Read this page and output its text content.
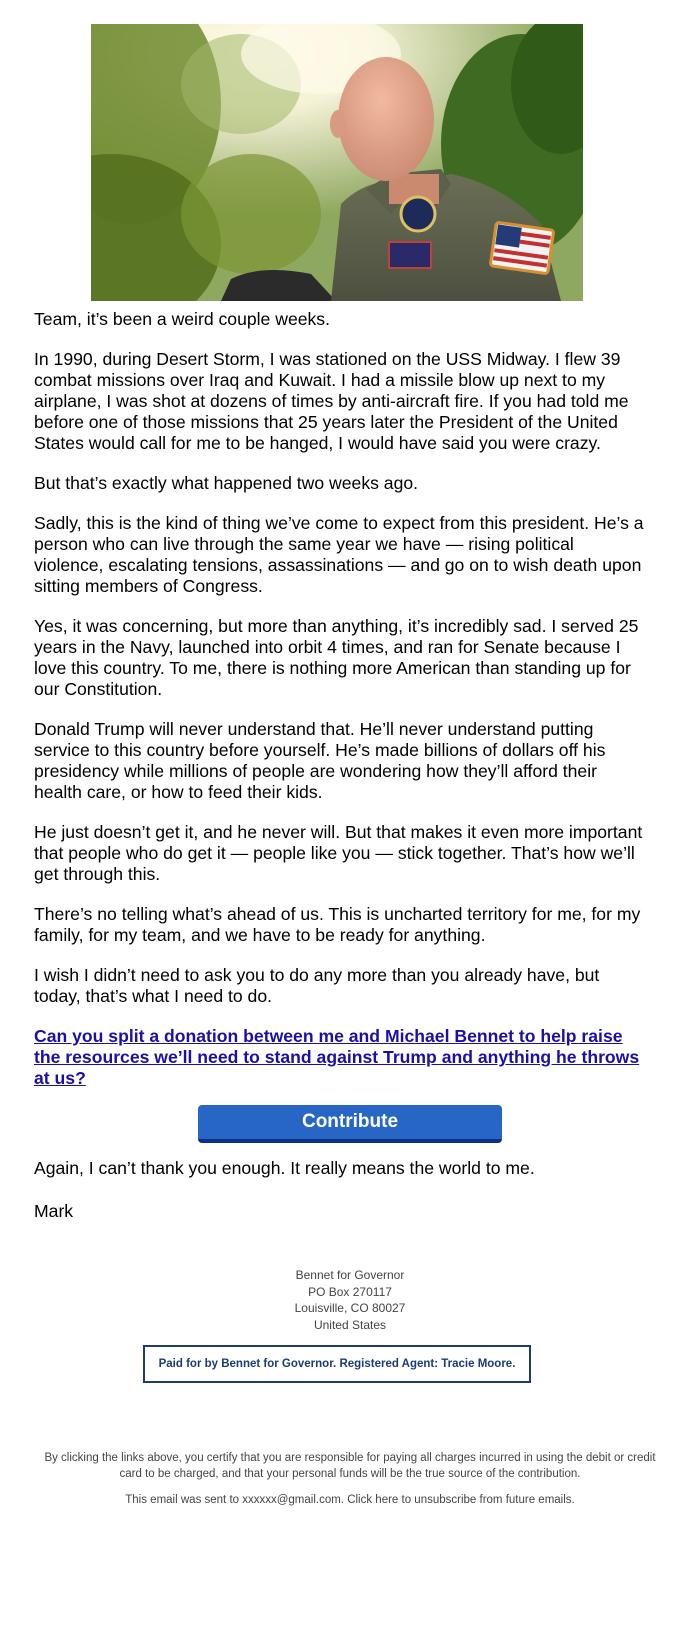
Team, it’s been a weird couple weeks.

In 1990, during Desert Storm, I was stationed on the USS Midway. I flew 39 combat missions over Iraq and Kuwait. I had a missile blow up next to my airplane, I was shot at dozens of times by anti-aircraft fire. If you had told me before one of those missions that 25 years later the President of the United States would call for me to be hanged, I would have said you were crazy.

But that’s exactly what happened two weeks ago.

Sadly, this is the kind of thing we’ve come to expect from this president. He’s a person who can live through the same year we have — rising political violence, escalating tensions, assassinations — and go on to wish death upon sitting members of Congress.

Yes, it was concerning, but more than anything, it’s incredibly sad. I served 25 years in the Navy, launched into orbit 4 times, and ran for Senate because I love this country. To me, there is nothing more American than standing up for our Constitution.

Donald Trump will never understand that. He’ll never understand putting service to this country before yourself. He’s made billions of dollars off his presidency while millions of people are wondering how they’ll afford their health care, or how to feed their kids.

He just doesn’t get it, and he never will. But that makes it even more important that people who do get it — people like you — stick together. That’s how we’ll get through this.

There’s no telling what’s ahead of us. This is uncharted territory for me, for my family, for my team, and we have to be ready for anything.

I wish I didn’t need to ask you to do any more than you already have, but today, that’s what I need to do.

Can you split a donation between me and Michael Bennet to help raise the resources we’ll need to stand against Trump and anything he throws at us?

Contribute

Again, I can’t thank you enough. It really means the world to me.

Mark

Bennet for Governor
PO Box 270117
Louisville, CO 80027
United States
Paid for by Bennet for Governor. Registered Agent: Tracie Moore.
By clicking the links above, you certify that you are responsible for paying all charges incurred in using the debit or credit card to be charged, and that your personal funds will be the true source of the contribution.
This email was sent to xxxxxx@gmail.com. Click here to unsubscribe from future emails.
